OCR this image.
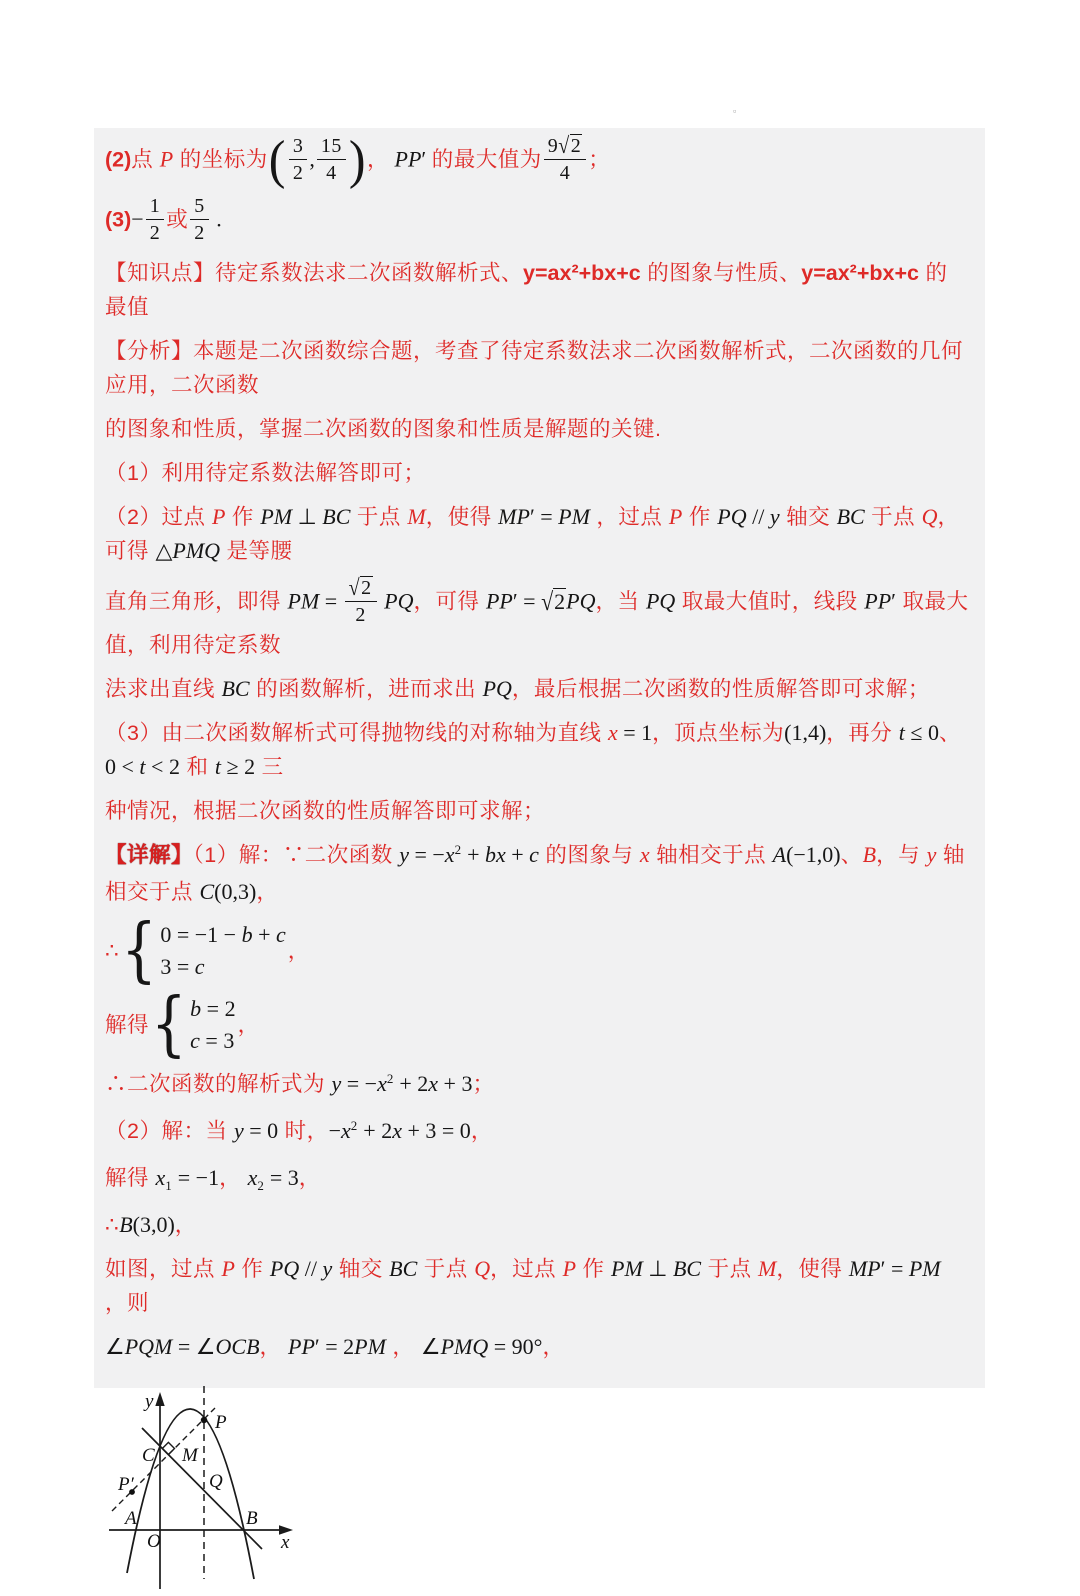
▫
(2)点 P 的坐标为( $\frac{3}{2}$ , $\frac{15}{4}$ )， PP′ 的最大值为 $\frac{9√2}{4}$ ；
$(3)- \frac{1}{2}$ 或 $\frac{5}{2}$ .
【知识点】待定系数法求二次函数解析式、y=ax²+bx+c 的图象与性质、y=ax²+bx+c 的最值
【分析】本题是二次函数综合题，考查了待定系数法求二次函数解析式，二次函数的几何应用，二次函数
的图象和性质，掌握二次函数的图象和性质是解题的关键.
（1）利用待定系数法解答即可；
（2）过点 P 作 PM ⊥ BC 于点 M，使得 MP′ = PM ，过点 P 作 PQ // y 轴交 BC 于点 Q，可得 △PMQ 是等腰
直角三角形，即得 PM = $\frac{√2}{2}$ PQ，可得 PP′ = √2PQ，当 PQ 取最大值时，线段 PP′ 取最大值，利用待定系数
法求出直线 BC 的函数解析，进而求出 PQ，最后根据二次函数的性质解答即可求解；
（3）由二次函数解析式可得抛物线的对称轴为直线 x = 1，顶点坐标为(1,4)，再分 t ≤ 0、0 < t < 2 和 t ≥ 2 三
种情况，根据二次函数的性质解答即可求解；
【详解】（1）解：∵二次函数 $y = -x^2$ + bx + c 的图象与 x 轴相交于点 A(−1,0)、B，与 y 轴相交于点 C(0,3)，
∴ { 0 = −1 − b + c
3 = c
，
解得 { b = 2
c = 3
，
∴二次函数的解析式为 $y = -x^2 + 2x + 3$；
（2）解：当 y = 0 时，$-x^2 + 2x + 3 = 0$，
解得 $x_1 = -1$， $x_2 = 3$，
∴B(3,0)，
如图，过点 P 作 PQ // y 轴交 BC 于点 Q，过点 P 作 PM ⊥ BC 于点 M，使得 MP′ = PM ，则
∠PQM = ∠OCB， PP′ = 2PM ， ∠PMQ = 90°，
y
x
O
C M
P
P′	Q
A	B
